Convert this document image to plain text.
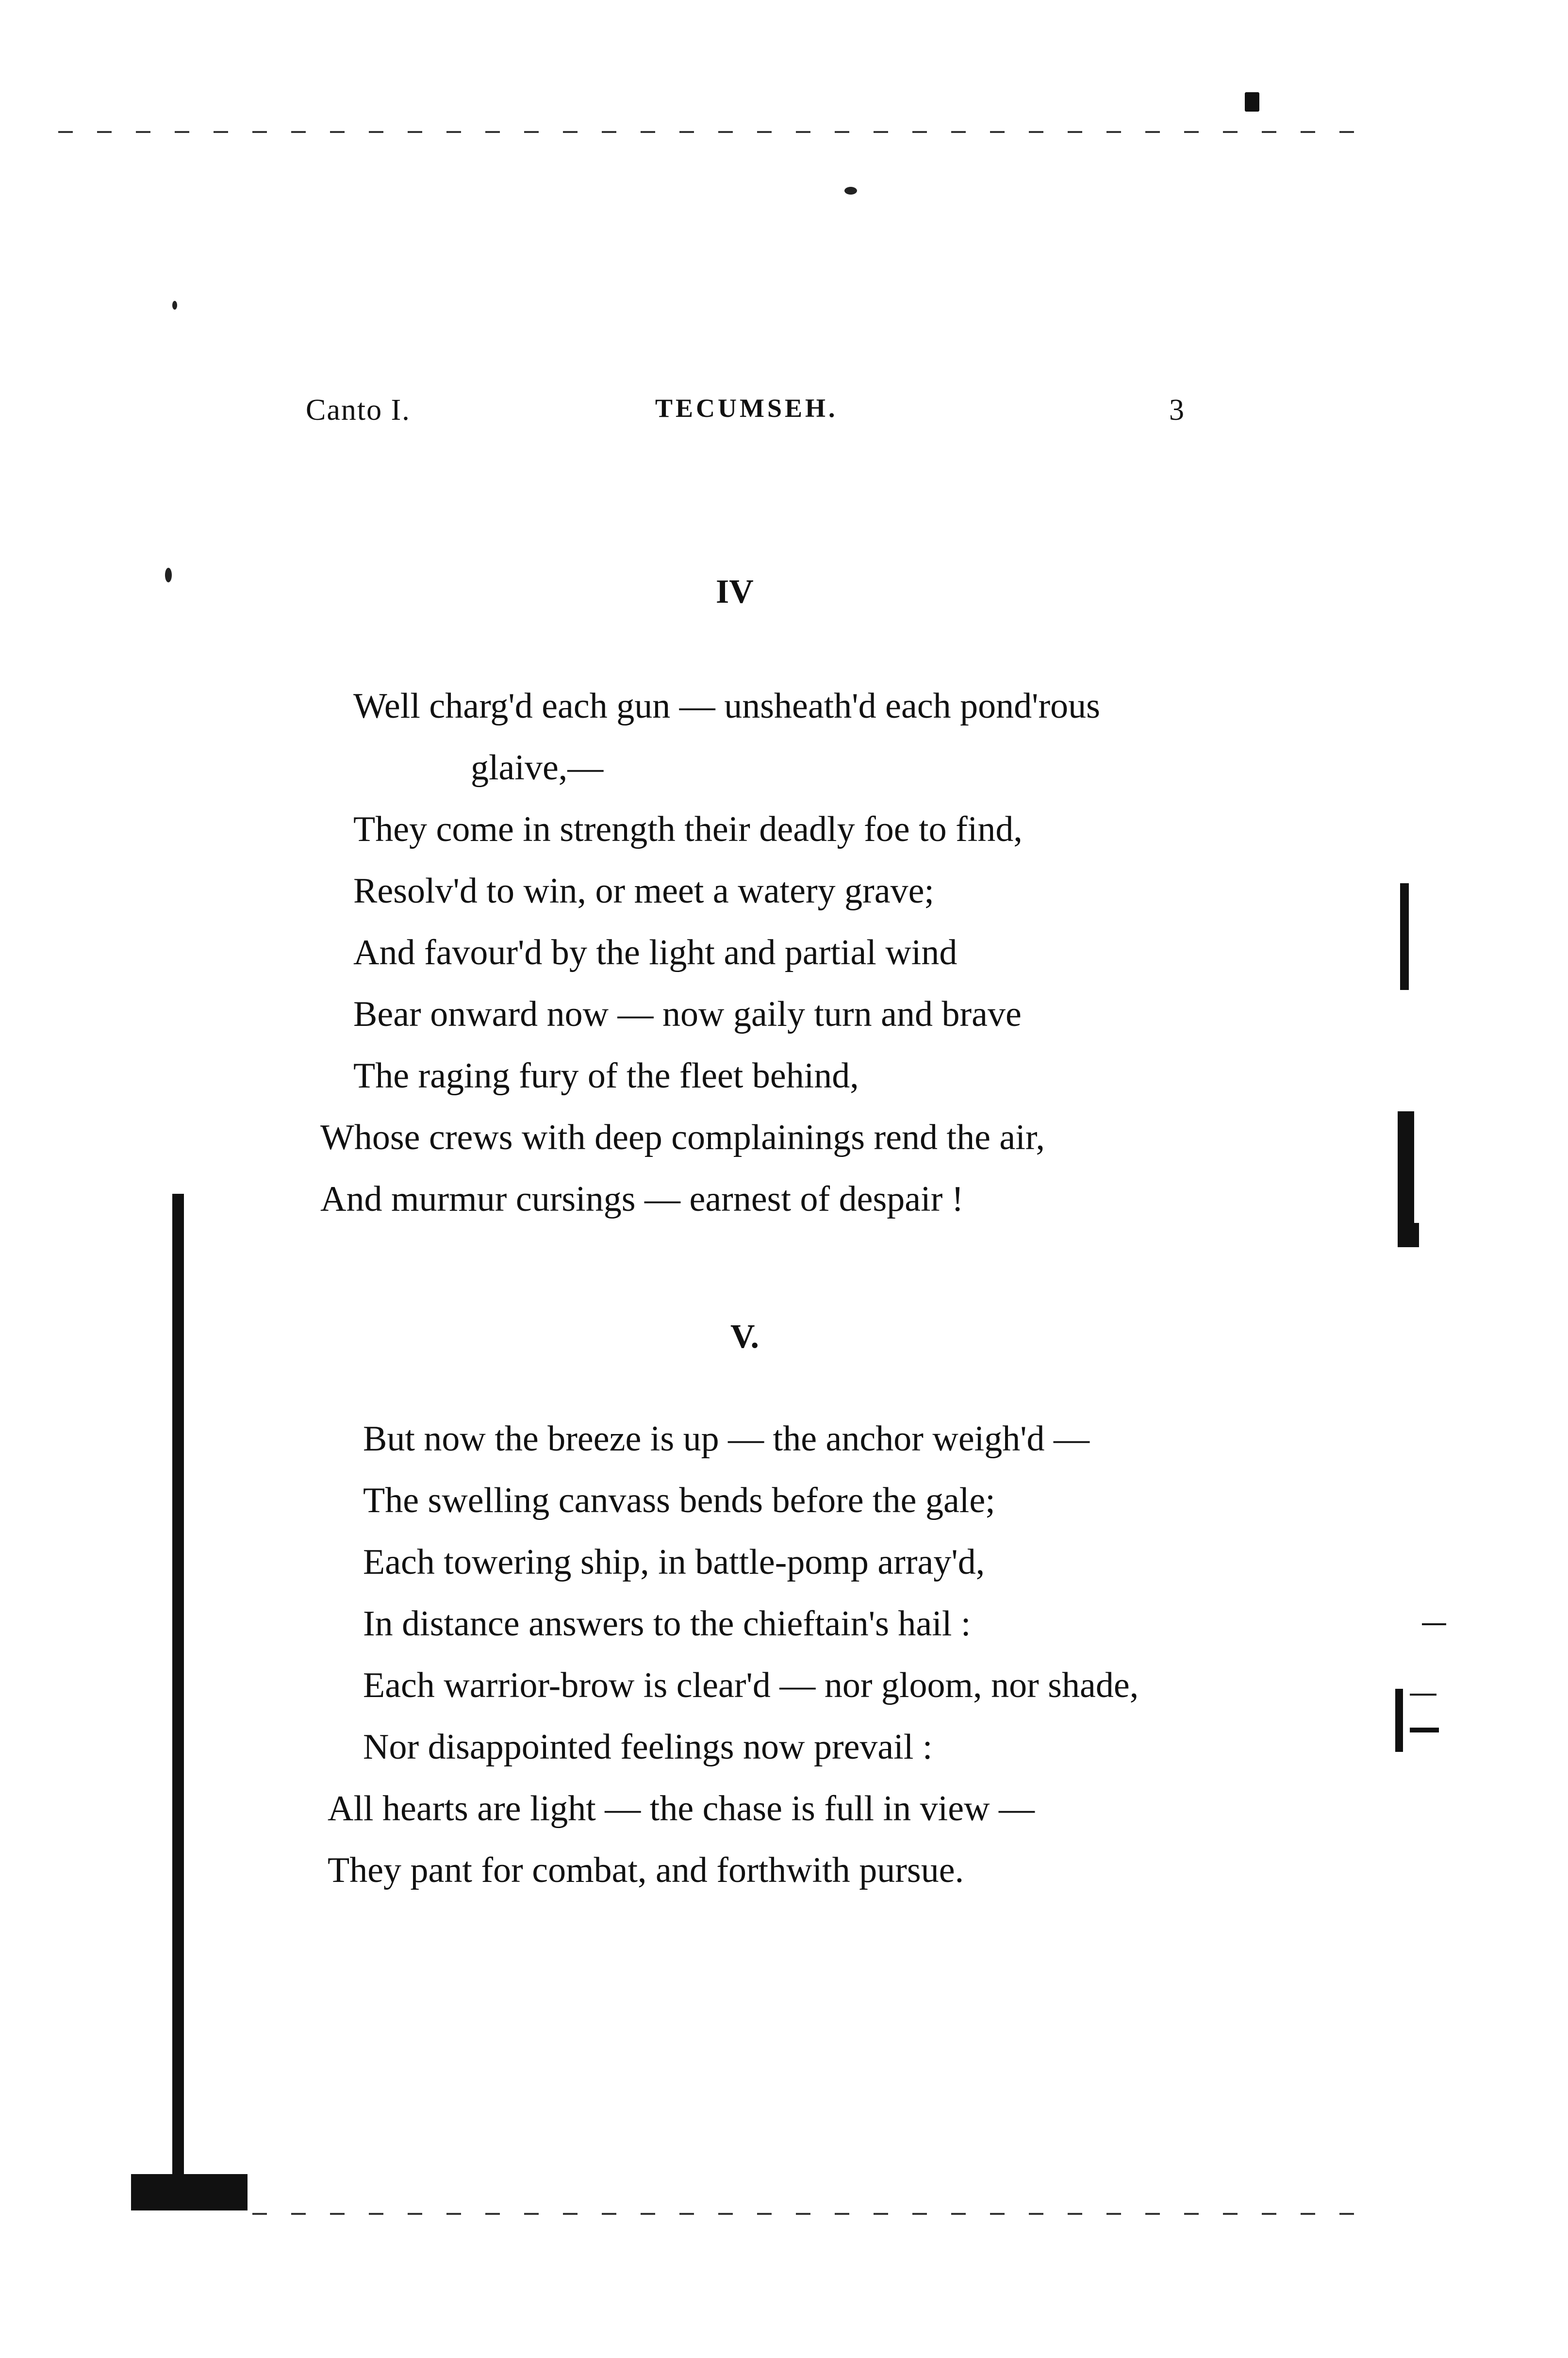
Canto I.	TECUMSEH.	3
IV
Well charg'd each gun — unsheath'd each pond'rous
glaive,—
They come in strength their deadly foe to find,
Resolv'd to win, or meet a watery grave;
And favour'd by the light and partial wind
Bear onward now — now gaily turn and brave
The raging fury of the fleet behind,
Whose crews with deep complainings rend the air,
And murmur cursings — earnest of despair !
V.
But now the breeze is up — the anchor weigh'd —
The swelling canvass bends before the gale;
Each towering ship, in battle-pomp array'd,
In distance answers to the chieftain's hail :
Each warrior-brow is clear'd — nor gloom, nor shade,
Nor disappointed feelings now prevail :
All hearts are light — the chase is full in view —
They pant for combat, and forthwith pursue.
